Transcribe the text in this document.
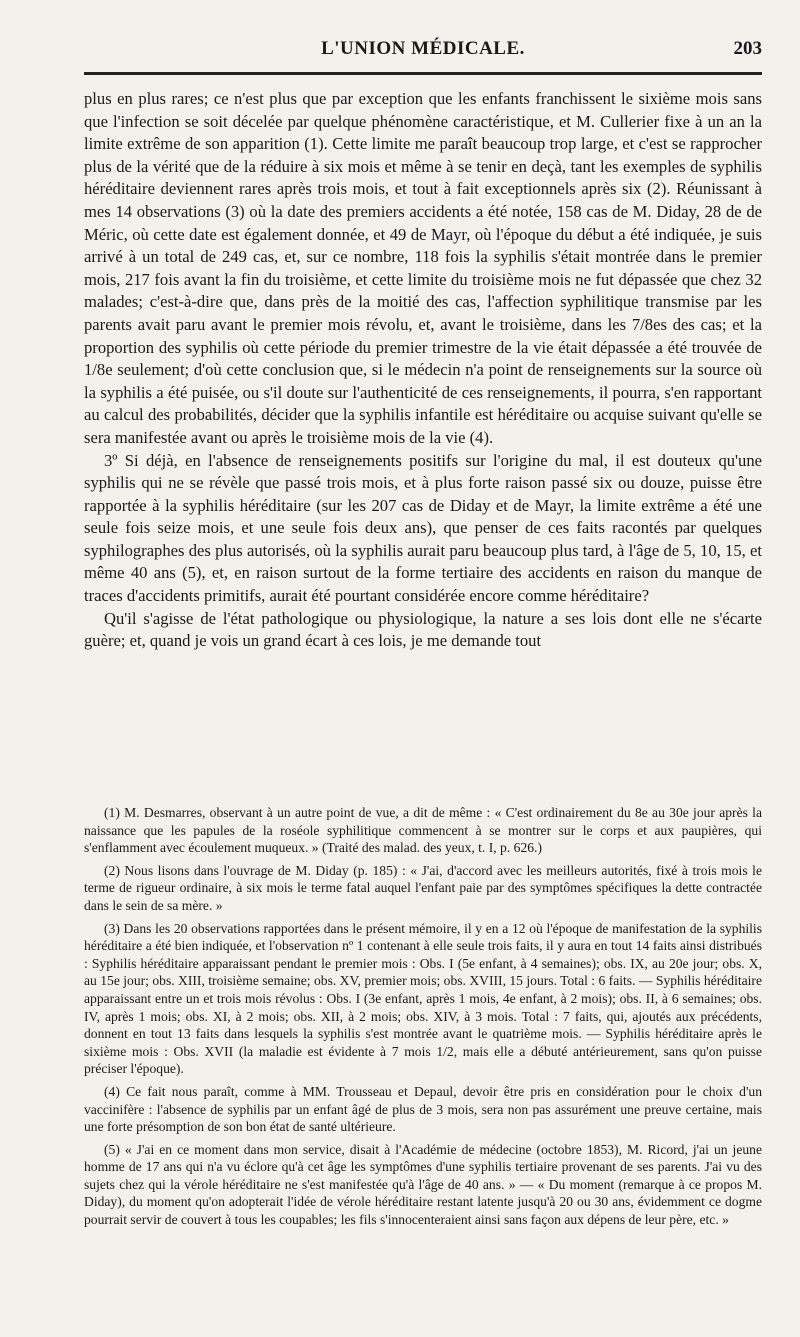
L'UNION MÉDICALE.	203

plus en plus rares; ce n'est plus que par exception que les enfants franchissent le sixième mois sans que l'infection se soit décelée par quelque phénomène caractéristique, et M. Cullerier fixe à un an la limite extrême de son apparition (1). Cette limite me paraît beaucoup trop large, et c'est se rapprocher plus de la vérité que de la réduire à six mois et même à se tenir en deçà, tant les exemples de syphilis héréditaire deviennent rares après trois mois, et tout à fait exceptionnels après six (2). Réunissant à mes 14 observations (3) où la date des premiers accidents a été notée, 158 cas de M. Diday, 28 de de Méric, où cette date est également donnée, et 49 de Mayr, où l'époque du début a été indiquée, je suis arrivé à un total de 249 cas, et, sur ce nombre, 118 fois la syphilis s'était montrée dans le premier mois, 217 fois avant la fin du troisième, et cette limite du troisième mois ne fut dépassée que chez 32 malades; c'est-à-dire que, dans près de la moitié des cas, l'affection syphilitique transmise par les parents avait paru avant le premier mois révolu, et, avant le troisième, dans les 7/8es des cas; et la proportion des syphilis où cette période du premier trimestre de la vie était dépassée a été trouvée de 1/8e seulement; d'où cette conclusion que, si le médecin n'a point de renseignements sur la source où la syphilis a été puisée, ou s'il doute sur l'authenticité de ces renseignements, il pourra, s'en rapportant au calcul des probabilités, décider que la syphilis infantile est héréditaire ou acquise suivant qu'elle se sera manifestée avant ou après le troisième mois de la vie (4).

3º Si déjà, en l'absence de renseignements positifs sur l'origine du mal, il est douteux qu'une syphilis qui ne se révèle que passé trois mois, et à plus forte raison passé six ou douze, puisse être rapportée à la syphilis héréditaire (sur les 207 cas de Diday et de Mayr, la limite extrême a été une seule fois seize mois, et une seule fois deux ans), que penser de ces faits racontés par quelques syphilographes des plus autorisés, où la syphilis aurait paru beaucoup plus tard, à l'âge de 5, 10, 15, et même 40 ans (5), et, en raison surtout de la forme tertiaire des accidents en raison du manque de traces d'accidents primitifs, aurait été pourtant considérée encore comme héréditaire?

Qu'il s'agisse de l'état pathologique ou physiologique, la nature a ses lois dont elle ne s'écarte guère; et, quand je vois un grand écart à ces lois, je me demande tout

(1) M. Desmarres, observant à un autre point de vue, a dit de même : « C'est ordinairement du 8e au 30e jour après la naissance que les papules de la roséole syphilitique commencent à se montrer sur le corps et aux paupières, qui s'enflamment avec écoulement muqueux. » (Traité des malad. des yeux, t. I, p. 626.)

(2) Nous lisons dans l'ouvrage de M. Diday (p. 185) : « J'ai, d'accord avec les meilleurs autorités, fixé à trois mois le terme de rigueur ordinaire, à six mois le terme fatal auquel l'enfant paie par des symptômes spécifiques la dette contractée dans le sein de sa mère. »

(3) Dans les 20 observations rapportées dans le présent mémoire, il y en a 12 où l'époque de manifestation de la syphilis héréditaire a été bien indiquée, et l'observation nº 1 contenant à elle seule trois faits, il y aura en tout 14 faits ainsi distribués : Syphilis héréditaire apparaissant pendant le premier mois : Obs. I (5e enfant, à 4 semaines); obs. IX, au 20e jour; obs. X, au 15e jour; obs. XIII, troisième semaine; obs. XV, premier mois; obs. XVIII, 15 jours. Total : 6 faits. — Syphilis héréditaire apparaissant entre un et trois mois révolus : Obs. I (3e enfant, après 1 mois, 4e enfant, à 2 mois); obs. II, à 6 semaines; obs. IV, après 1 mois; obs. XI, à 2 mois; obs. XII, à 2 mois; obs. XIV, à 3 mois. Total : 7 faits, qui, ajoutés aux précédents, donnent en tout 13 faits dans lesquels la syphilis s'est montrée avant le quatrième mois. — Syphilis héréditaire après le sixième mois : Obs. XVII (la maladie est évidente à 7 mois 1/2, mais elle a débuté antérieurement, sans qu'on puisse préciser l'époque).

(4) Ce fait nous paraît, comme à MM. Trousseau et Depaul, devoir être pris en considération pour le choix d'un vaccinifère : l'absence de syphilis par un enfant âgé de plus de 3 mois, sera non pas assurément une preuve certaine, mais une forte présomption de son bon état de santé ultérieure.

(5) « J'ai en ce moment dans mon service, disait à l'Académie de médecine (octobre 1853), M. Ricord, j'ai un jeune homme de 17 ans qui n'a vu éclore qu'à cet âge les symptômes d'une syphilis tertiaire provenant de ses parents. J'ai vu des sujets chez qui la vérole héréditaire ne s'est manifestée qu'à l'âge de 40 ans. » — « Du moment (remarque à ce propos M. Diday), du moment qu'on adopterait l'idée de vérole héréditaire restant latente jusqu'à 20 ou 30 ans, évidemment ce dogme pourrait servir de couvert à tous les coupables; les fils s'innocenteraient ainsi sans façon aux dépens de leur père, etc. »
